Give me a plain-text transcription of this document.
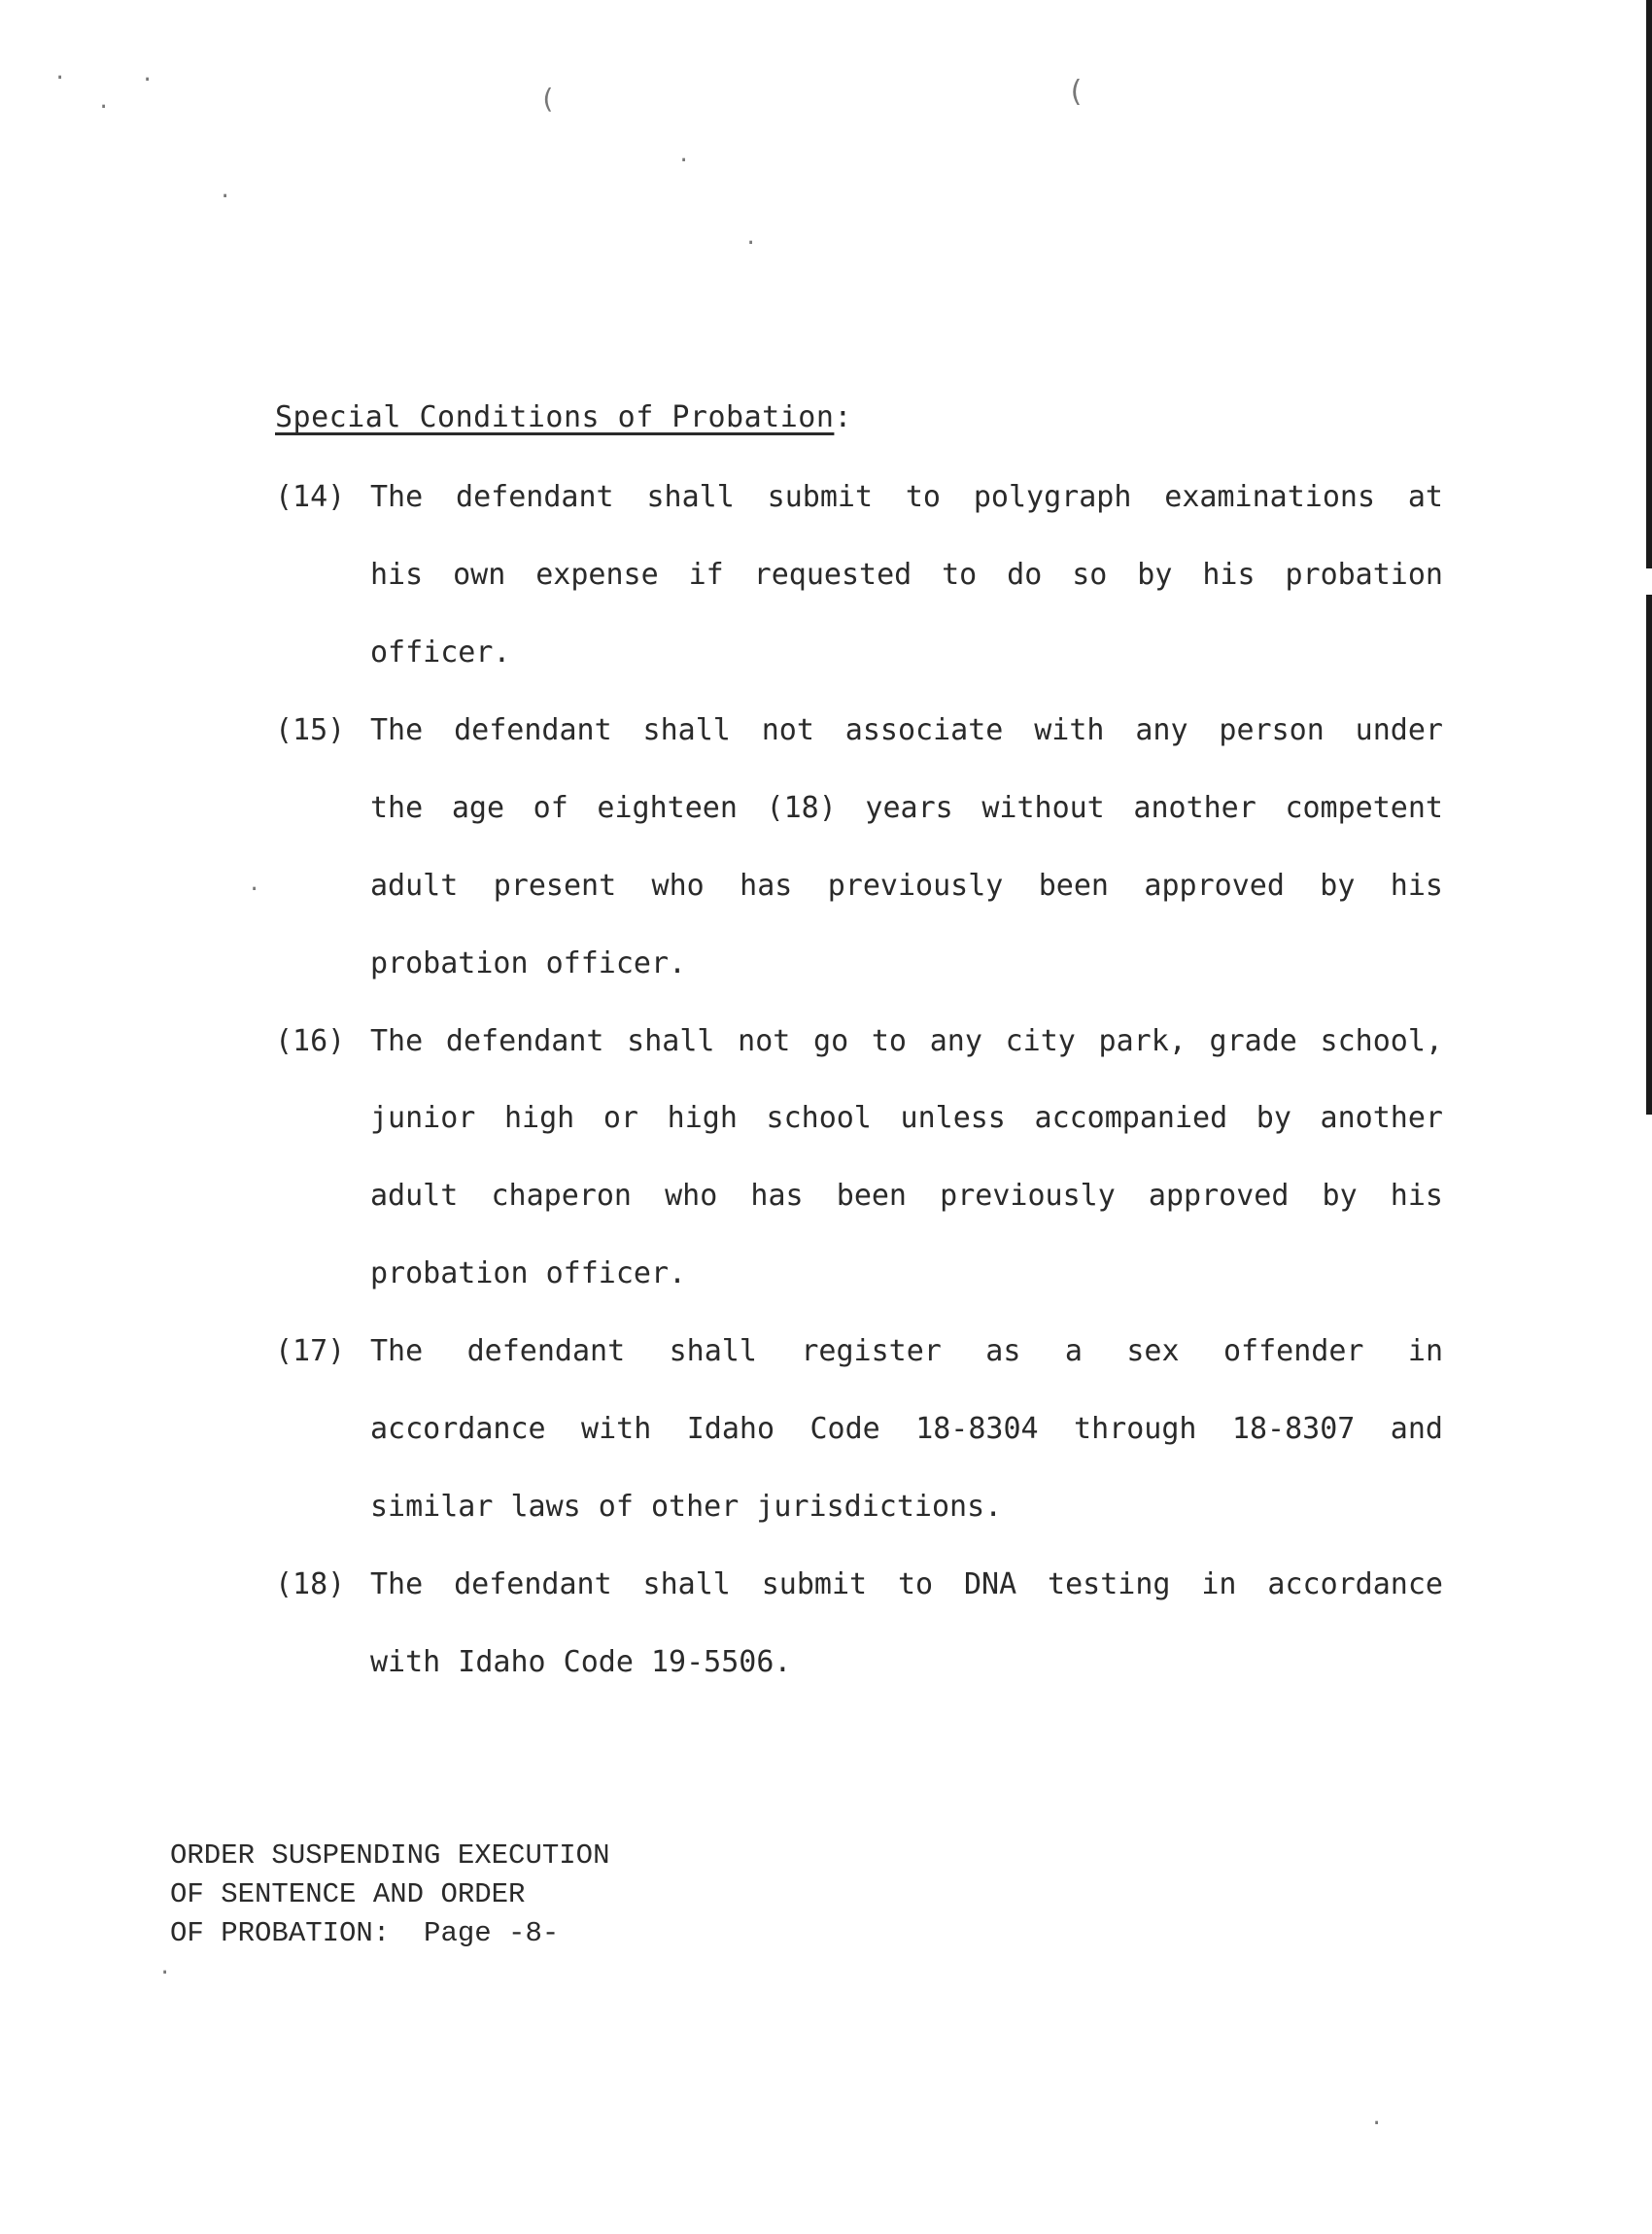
·	·
·	(	(
·
·
·
·
·
·
Special Conditions of Probation:
(14) The defendant shall submit to polygraph examinations at
his own expense if requested to do so by his probation
officer.
(15) The defendant shall not associate with any person under
the age of eighteen (18) years without another competent
adult present who has previously been approved by his
probation officer.
(16) The defendant shall not go to any city park, grade school,
junior high or high school unless accompanied by another
adult chaperon who has been previously approved by his
probation officer.
(17) The defendant shall register as a sex offender in
accordance with Idaho Code 18-8304 through 18-8307 and
similar laws of other jurisdictions.
(18) The defendant shall submit to DNA testing in accordance
with Idaho Code 19-5506.
ORDER SUSPENDING EXECUTION
OF SENTENCE AND ORDER
OF PROBATION:  Page -8-
